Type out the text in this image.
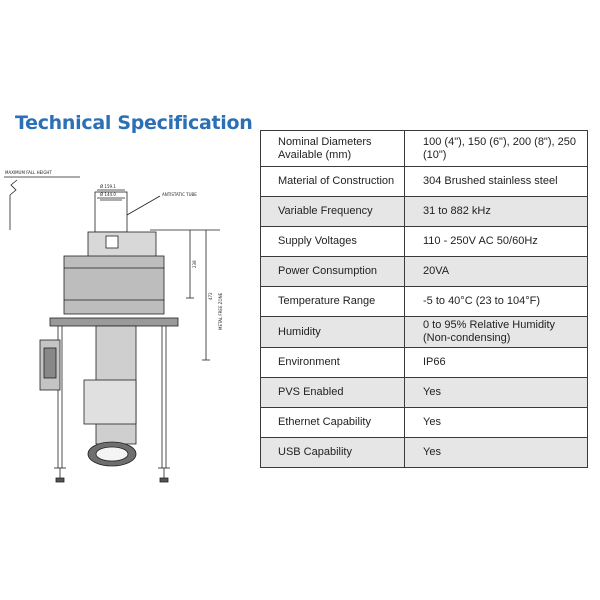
Technical Specification
MAXIMUM FALL HEIGHT
Ø 159.1
Ø 144.0	ANTISTATIC TUBE
238
472 METAL FREE ZONE
Nominal Diameters Available (mm)	100 (4"), 150 (6"), 200 (8"), 250 (10")
Material of Construction	304 Brushed stainless steel
Variable Frequency	31 to 882 kHz
Supply Voltages	110 - 250V AC 50/60Hz
Power Consumption	20VA
Temperature Range	-5 to 40°C (23 to 104°F)
Humidity	0 to 95% Relative Humidity (Non-condensing)
Environment	IP66
PVS Enabled	Yes
Ethernet Capability	Yes
USB Capability	Yes
